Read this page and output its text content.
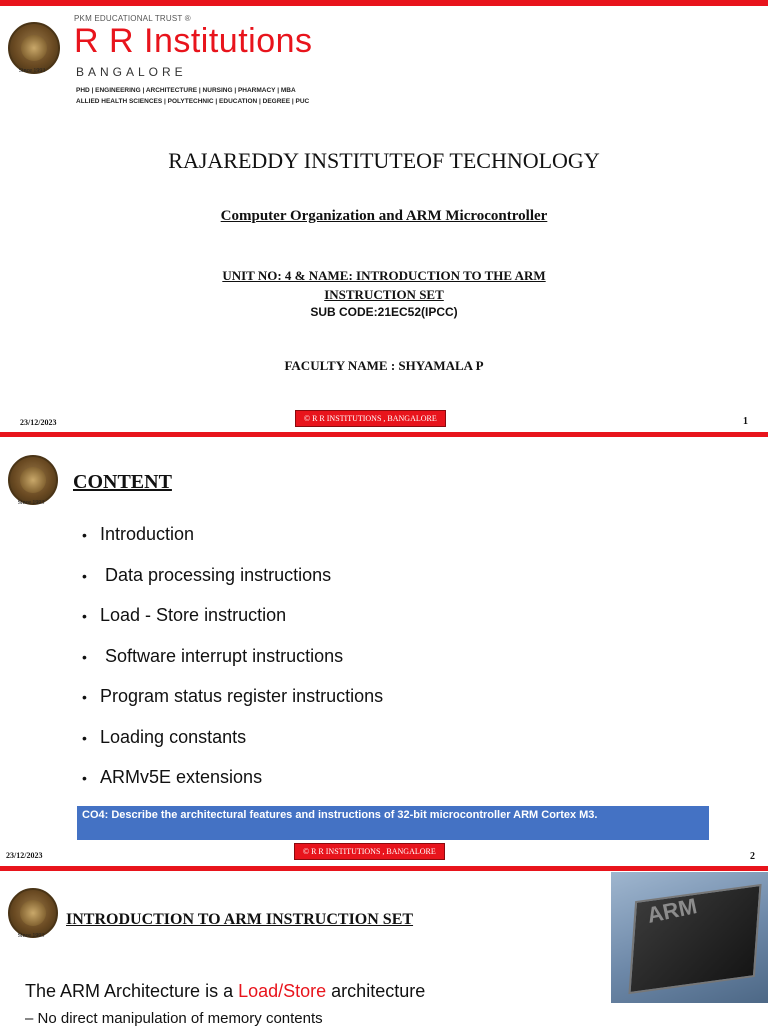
Since 1993
PKM EDUCATIONAL TRUST ®
R R Institutions
BANGALORE
PHD | ENGINEERING | ARCHITECTURE | NURSING | PHARMACY | MBA
ALLIED HEALTH SCIENCES | POLYTECHNIC | EDUCATION | DEGREE | PUC
RAJAREDDY INSTITUTEOF TECHNOLOGY
Computer Organization and ARM Microcontroller
UNIT NO: 4 & NAME: INTRODUCTION TO THE ARM INSTRUCTION SET
SUB CODE:21EC52(IPCC)
FACULTY NAME : SHYAMALA P
23/12/2023	© R R INSTITUTIONS , BANGALORE	1
Since 1993
CONTENT
• Introduction
• Data processing instructions
• Load - Store instruction
• Software interrupt instructions
• Program status register instructions
• Loading constants
• ARMv5E extensions
CO4: Describe the architectural features and instructions of 32-bit microcontroller ARM Cortex M3.
23/12/2023	© R R INSTITUTIONS , BANGALORE	2
Since 1993
INTRODUCTION TO ARM INSTRUCTION SET	ARM
The ARM Architecture is a Load/Store architecture
– No direct manipulation of memory contents
